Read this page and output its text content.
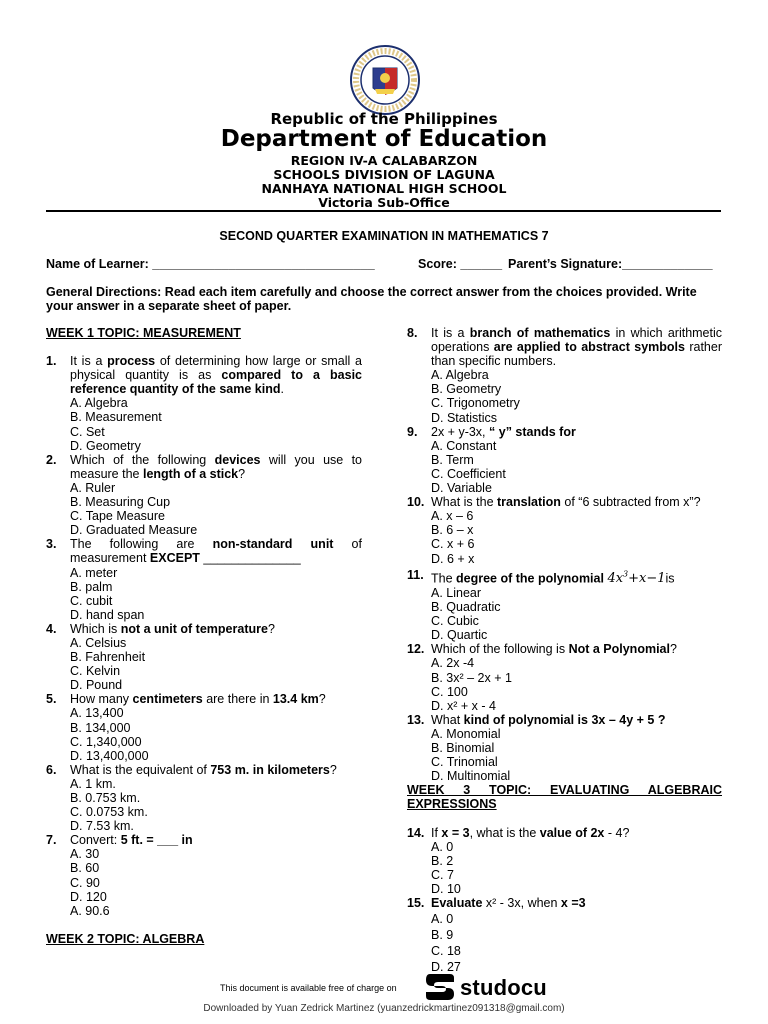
Republic of the Philippines
Department of Education
REGION IV-A CALABARZON
SCHOOLS DIVISION OF LAGUNA
NANHAYA NATIONAL HIGH SCHOOL
Victoria Sub-Office
SECOND QUARTER EXAMINATION IN MATHEMATICS 7
Name of Learner: ________________________________	Score: ______ Parent’s Signature:_____________
General Directions: Read each item carefully and choose the correct answer from the choices provided. Write your answer in a separate sheet of paper.
WEEK 1 TOPIC: MEASUREMENT
1.	It is a process of determining how large or small a physical quantity is as compared to a basic reference quantity of the same kind.
A. Algebra
B. Measurement
C. Set
D. Geometry
2.	Which of the following devices will you use to measure the length of a stick?
A. Ruler
B. Measuring Cup
C. Tape Measure
D. Graduated Measure
3.	The following are non-standard unit of measurement EXCEPT ______________
A. meter
B. palm
C. cubit
D. hand span
4.	Which is not a unit of temperature?
A. Celsius
B. Fahrenheit
C. Kelvin
D. Pound
5.	How many centimeters are there in 13.4 km?
A. 13,400
B. 134,000
C. 1,340,000
D. 13,400,000
6.	What is the equivalent of 753 m. in kilometers?
A. 1 km.
B. 0.753 km.
C. 0.0753 km.
D. 7.53 km.
7.	Convert: 5 ft. = ___ in
A. 30
B. 60
C. 90
D. 120
A. 90.6
WEEK 2 TOPIC: ALGEBRA
8.	It is a branch of mathematics in which arithmetic operations are applied to abstract symbols rather than specific numbers.
A. Algebra
B. Geometry
C. Trigonometry
D. Statistics
9.	2x + y-3x, “ y” stands for
A. Constant
B. Term
C. Coefficient
D. Variable
10. What is the translation of “6 subtracted from x”?
A. x – 6
B. 6 – x
C. x + 6
D. 6 + x
11. The degree of the polynomial $4x^3+x-1is$
A. Linear
B. Quadratic
C. Cubic
D. Quartic
12. Which of the following is Not a Polynomial?
A. 2x -4
B. 3x² – 2x + 1
C. 100
D. x² + x - 4
13. What kind of polynomial is 3x – 4y + 5 ?
A. Monomial
B. Binomial
C. Trinomial
D. Multinomial
WEEK 3 TOPIC: EVALUATING ALGEBRAIC
EXPRESSIONS
14. If x = 3, what is the value of 2x - 4?
A. 0
B. 2
C. 7
D. 10
15. Evaluate x² - 3x, when x =3
A. 0
B. 9
C. 18
D. 27
This document is available free of charge on	studocu
Downloaded by Yuan Zedrick Martinez (yuanzedrickmartinez091318@gmail.com)
